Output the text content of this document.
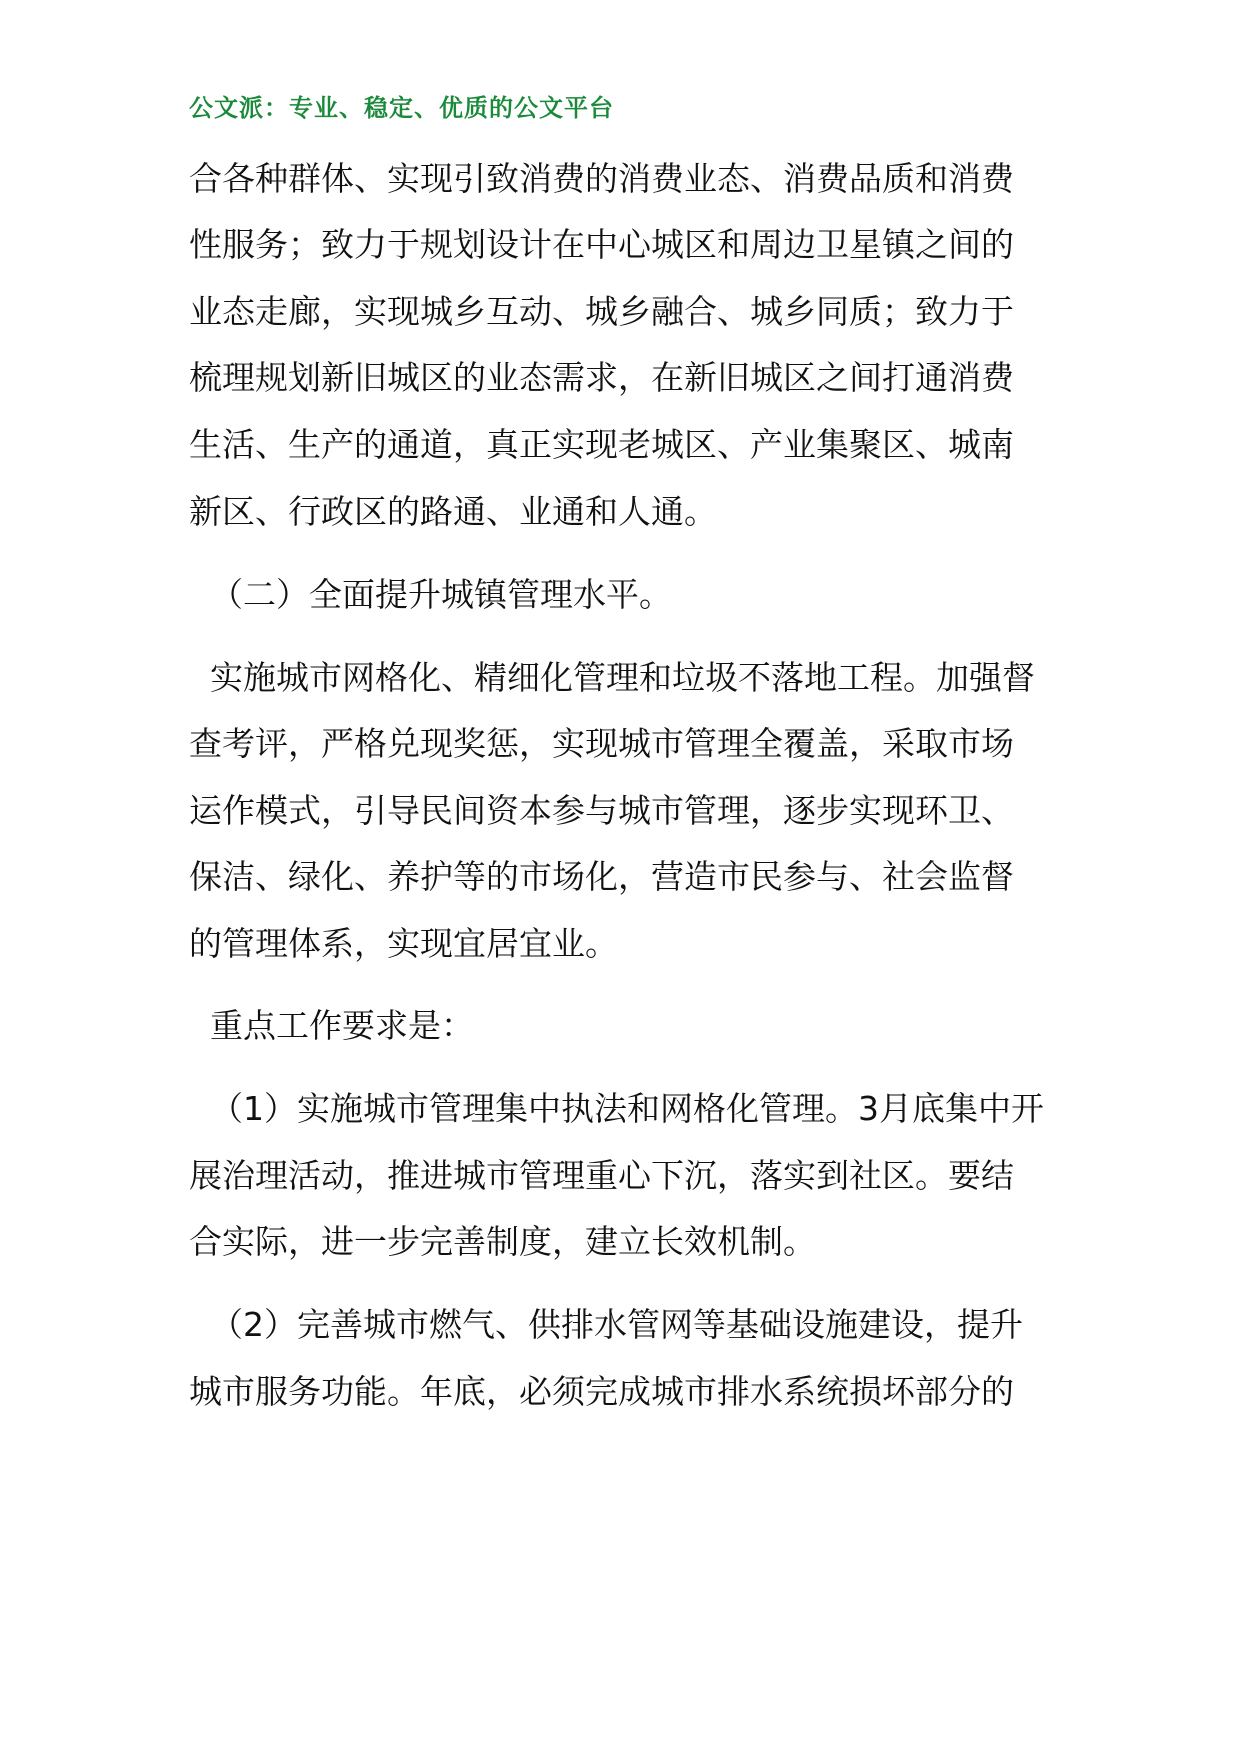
公文派：专业、稳定、优质的公文平台
合各种群体、实现引致消费的消费业态、消费品质和消费
性服务；致力于规划设计在中心城区和周边卫星镇之间的
业态走廊，实现城乡互动、城乡融合、城乡同质；致力于
梳理规划新旧城区的业态需求，在新旧城区之间打通消费
生活、生产的通道，真正实现老城区、产业集聚区、城南
新区、行政区的路通、业通和人通。
（二）全面提升城镇管理水平。
实施城市网格化、精细化管理和垃圾不落地工程。加强督
查考评，严格兑现奖惩，实现城市管理全覆盖，采取市场
运作模式，引导民间资本参与城市管理，逐步实现环卫、
保洁、绿化、养护等的市场化，营造市民参与、社会监督
的管理体系，实现宜居宜业。
重点工作要求是：
（1）实施城市管理集中执法和网格化管理。3月底集中开
展治理活动，推进城市管理重心下沉，落实到社区。要结
合实际，进一步完善制度，建立长效机制。
（2）完善城市燃气、供排水管网等基础设施建设，提升
城市服务功能。年底，必须完成城市排水系统损坏部分的
